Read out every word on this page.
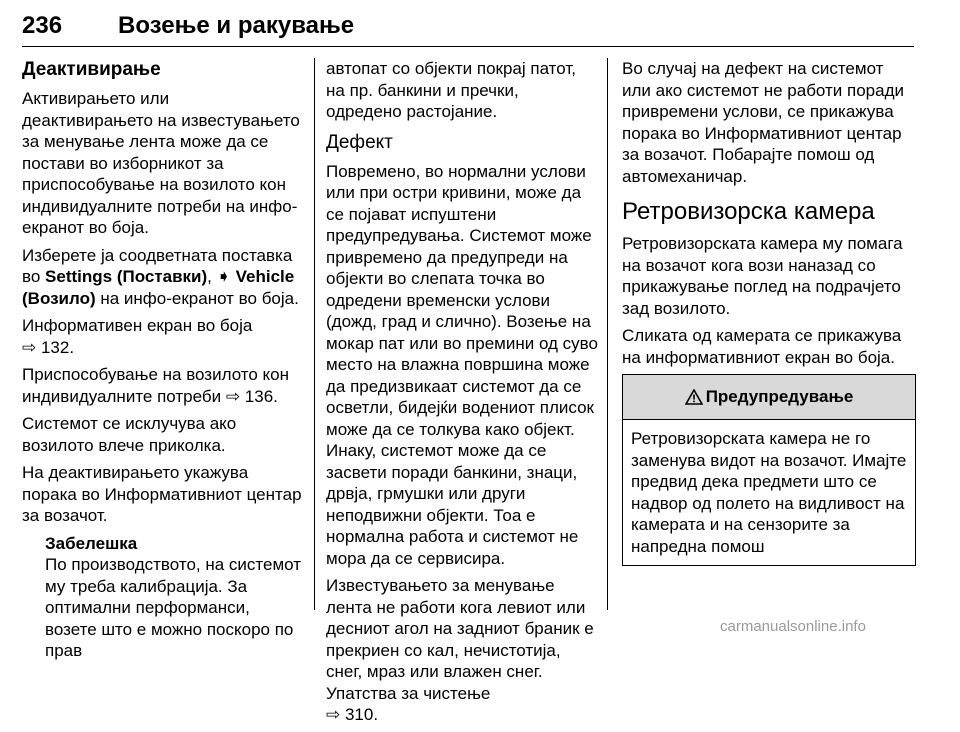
236 Возење и ракување
Деактивирање

Активирањето или деактивирањето на известувањето за менување лента може да се постави во изборникот за приспособување на возилото кон индивидуалните потреби на инфо-екранот во боја.

Изберете ја соодветната поставка во Settings (Поставки), ➧ Vehicle (Возило) на инфо-екранот во боја.

Информативен екран во боја
⇨ 132.

Приспособување на возилото кон индивидуалните потреби ⇨ 136.

Системот се исклучува ако возилото влече приколка.

На деактивирањето укажува порака во Информативниот центар за возачот.

Забелешка
По производството, на системот му треба калибрација. За оптимални перформанси, возете што е можно поскоро по прав

автопат со објекти покрај патот, на пр. банкини и пречки, одредено растојание.

Дефект

Повремено, во нормални услови или при остри кривини, може да се појават испуштени предупредувања. Системот може привремено да предупреди на објекти во слепата точка во одредени временски услови (дожд, град и слично). Возење на мокар пат или во премини од суво место на влажна површина може да предизвикаат системот да се осветли, бидејќи водениот плисок може да се толкува како објект. Инаку, системот може да се засвети поради банкини, знаци, дрвја, грмушки или други неподвижни објекти. Тоа е нормална работа и системот не мора да се сервисира.

Известувањето за менување лента не работи кога левиот или десниот агол на задниот браник е прекриен со кал, нечистотија, снег, мраз или влажен снег. Упатства за чистење
⇨ 310.

Во случај на дефект на системот или ако системот не работи поради привремени услови, се прикажува порака во Информативниот центар за возачот. Побарајте помош од автомеханичар.

Ретровизорска камера

Ретровизорската камера му помага на возачот кога вози наназад со прикажување поглед на подрачјето зад возилото.

Сликата од камерата се прикажува на информативниот екран во боја.

Предупредување

Ретровизорската камера не го заменува видот на возачот. Имајте предвид дека предмети што се надвор од полето на видливост на камерата и на сензорите за напредна помош

carmanualsonline.info
